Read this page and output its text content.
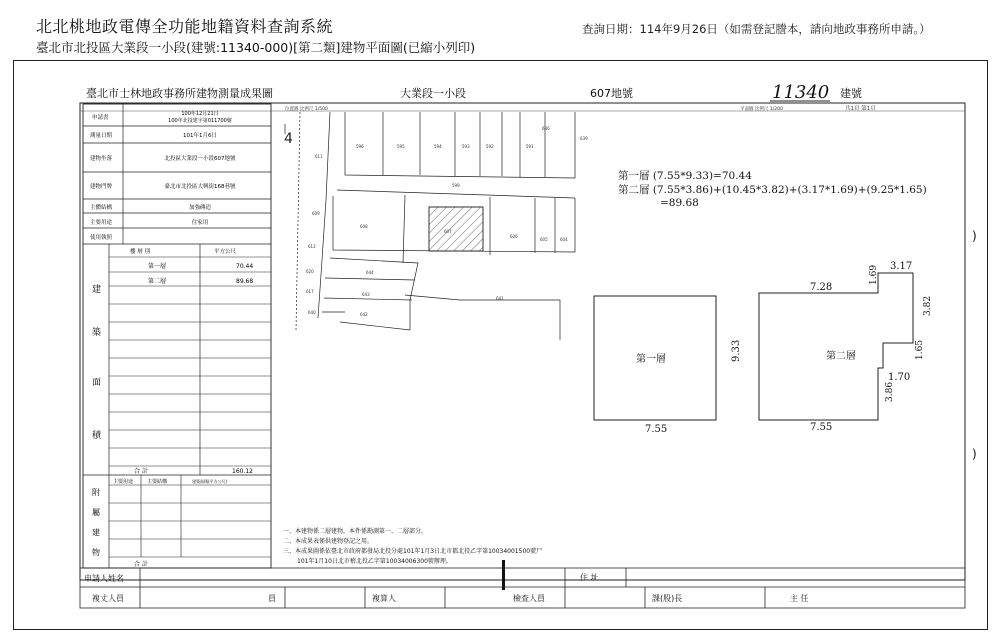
北北桃地政電傳全功能地籍資料查詢系統
臺北市北投區大業段一小段(建號:11340-000)[第二類]建物平面圖(已縮小列印)
查詢日期：114年9月26日（如需登記謄本，請向地政事務所申請。）
臺北市士林地政事務所建物測量成果圖	大業段一小段	607地號	11340 建號
位置圖 比例尺 1/500	平面圖 比例尺 1/200	共1頁 第1頁
申請書
100年12月21日
100年北投建字第011700號
測量日期	101年1月6日
建物坐落	北投區大業段一小段607地號
建物門牌	臺北市北投區大興街168巷號
主體結構	加強磚造
主要用途	住家用
使用執照
樓 層 別	平方公尺
第一層	70.44
第二層	89.68
建
築
面
積
合 計	160.12
主要用途	主要結構	建築面積(平方公尺)
附
屬
建
物
合 計
4	596	595	594	593	592	591
599
609
608
607
606
605	604
644
643
642
641
640
611
612
620
617
636
639
第一層 (7.55*9.33)=70.44
第二層 (7.55*3.86)+(10.45*3.82)+(3.17*1.69)+(9.25*1.65)
=89.68
第一層
7.55
9.33	第二層
7.28
3.17
1.69
3.82
1.65
1.70
3.86
7.55
)
)
一、本建物係二層建物，本件係勘測第一、二層部分。
二、本成果表僅供建物登記之用。
三、本成果圖係依臺北市政府都發局北投分處101年1月3日北市都北投乙字第10034001500號尸
101年1月10日北市稽北投乙字第10034006300號辦理。
申請人姓名	住 址
複丈人員	員	複算人	檢查人員	課(股)長	主 任
